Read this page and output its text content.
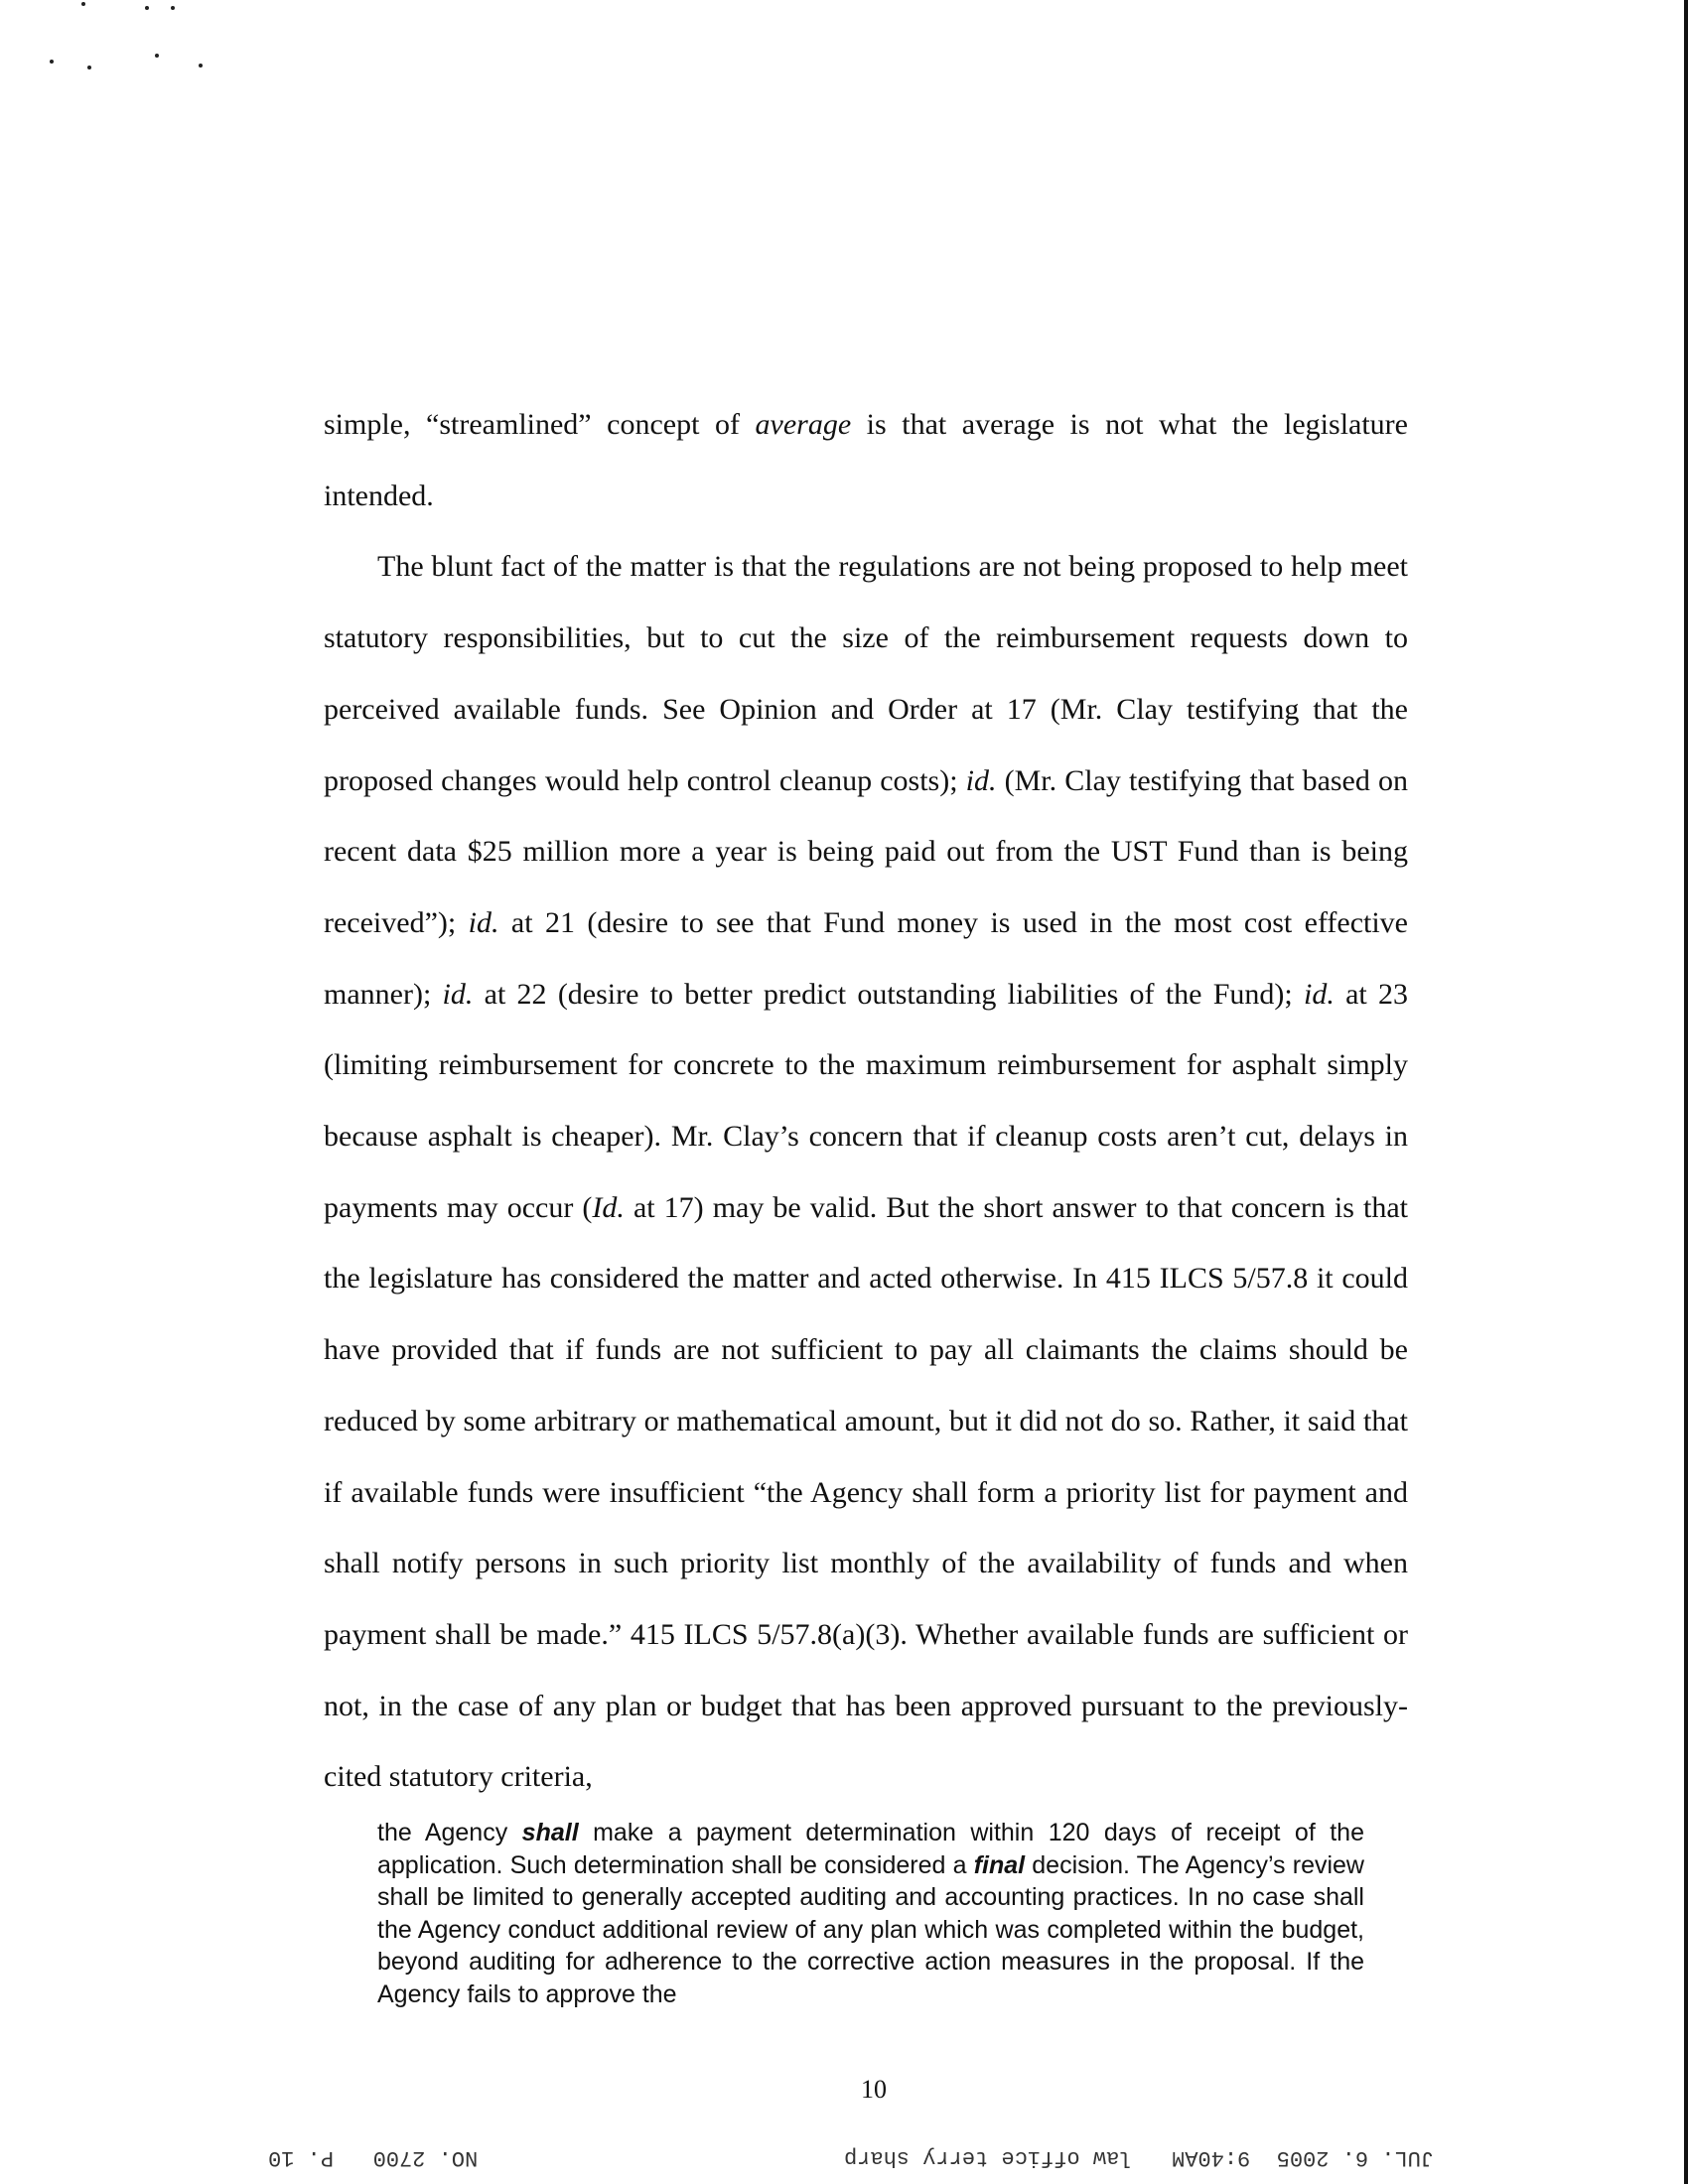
simple, “streamlined” concept of average is that average is not what the legislature intended.

The blunt fact of the matter is that the regulations are not being proposed to help meet statutory responsibilities, but to cut the size of the reimbursement requests down to perceived available funds. See Opinion and Order at 17 (Mr. Clay testifying that the proposed changes would help control cleanup costs); id. (Mr. Clay testifying that based on recent data $25 million more a year is being paid out from the UST Fund than is being received”); id. at 21 (desire to see that Fund money is used in the most cost effective manner); id. at 22 (desire to better predict outstanding liabilities of the Fund); id. at 23 (limiting reimbursement for concrete to the maximum reimbursement for asphalt simply because asphalt is cheaper). Mr. Clay’s concern that if cleanup costs aren’t cut, delays in payments may occur (Id. at 17) may be valid. But the short answer to that concern is that the legislature has considered the matter and acted otherwise. In 415 ILCS 5/57.8 it could have provided that if funds are not sufficient to pay all claimants the claims should be reduced by some arbitrary or mathematical amount, but it did not do so. Rather, it said that if available funds were insufficient “the Agency shall form a priority list for payment and shall notify persons in such priority list monthly of the availability of funds and when payment shall be made.” 415 ILCS 5/57.8(a)(3). Whether available funds are sufficient or not, in the case of any plan or budget that has been approved pursuant to the previously-cited statutory criteria,

the Agency shall make a payment determination within 120 days of receipt of the application. Such determination shall be considered a final decision. The Agency’s review shall be limited to generally accepted auditing and accounting practices. In no case shall the Agency conduct additional review of any plan which was completed within the budget, beyond auditing for adherence to the corrective action measures in the proposal. If the Agency fails to approve the

10
NO. 2700   P. 10	JUL. 6. 2005  9:40AM   law office terry sharp
